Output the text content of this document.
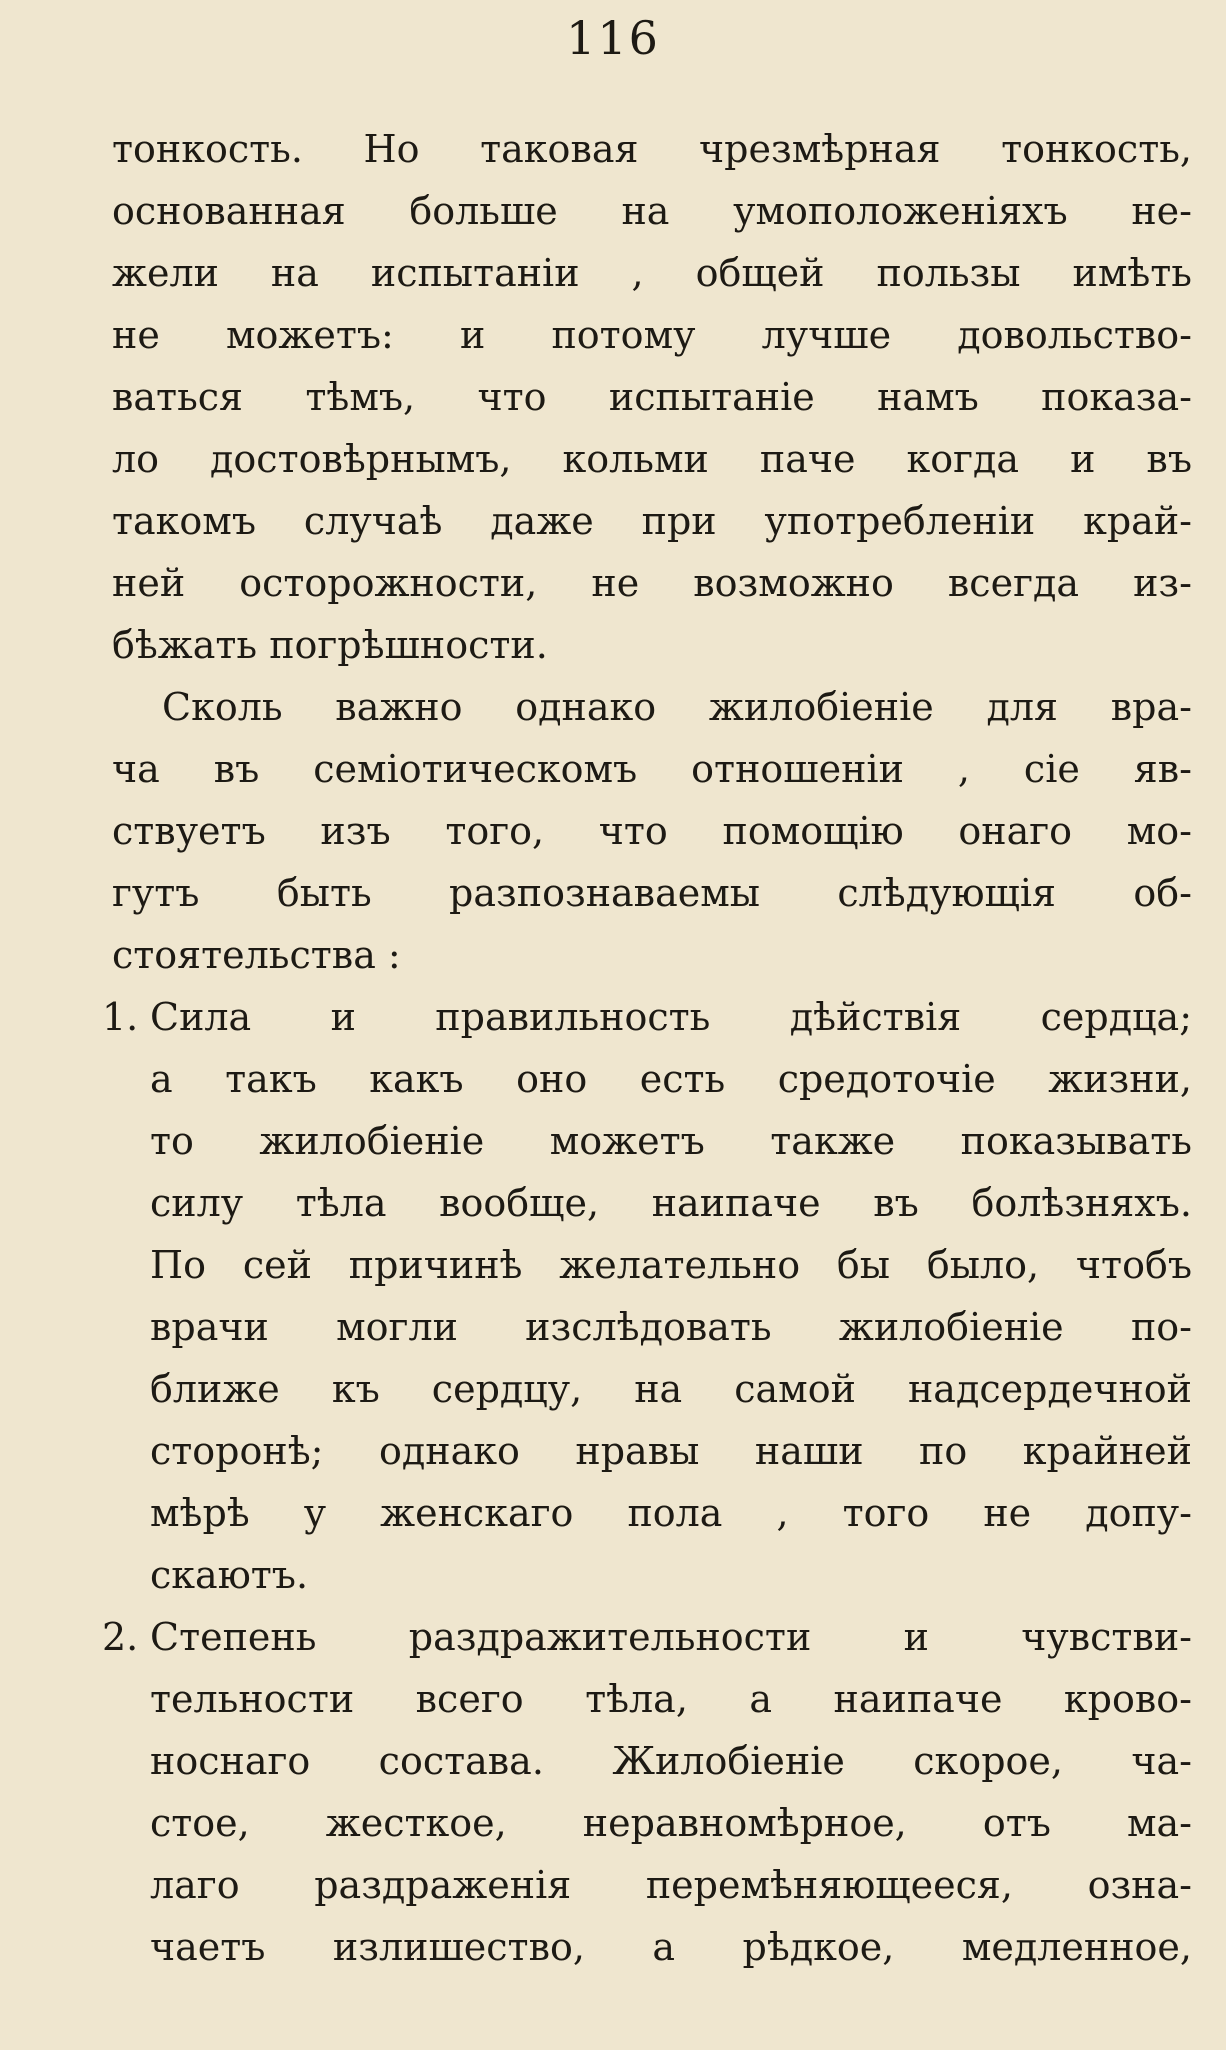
116
тонкость. Но таковая чрезмѣрная тонкость,
основанная больше на умоположеніяхъ не-
жели на испытаніи , общей пользы имѣть
не можетъ: и потому лучше довольство-
ваться тѣмъ, что испытаніе намъ показа-
ло достовѣрнымъ, кольми паче когда и въ
такомъ случаѣ даже при употребленіи край-
ней осторожности, не возможно всегда из-
бѣжать погрѣшности.
Сколь важно однако жилобіеніе для вра-
ча въ семіотическомъ отношеніи , сіе яв-
ствуетъ изъ того, что помощію онаго мо-
гутъ быть разпознаваемы слѣдующія об-
стоятельства :
1. Сила и правильность дѣйствія сердца;
а такъ какъ оно есть средоточіе жизни,
то жилобіеніе можетъ также показывать
силу тѣла вообще, наипаче въ болѣзняхъ.
По сей причинѣ желательно бы было, чтобъ
врачи могли изслѣдовать жилобіеніе по-
ближе къ сердцу, на самой надсердечной
сторонѣ; однако нравы наши по крайней
мѣрѣ у женскаго пола , того не допу-
скаютъ.
2. Степень раздражительности и чувстви-
тельности всего тѣла, а наипаче крово-
носнаго состава. Жилобіеніе скорое, ча-
стое, жесткое, неравномѣрное, отъ ма-
лаго раздраженія перемѣняющееся, озна-
чаетъ излишество, а рѣдкое, медленное,
